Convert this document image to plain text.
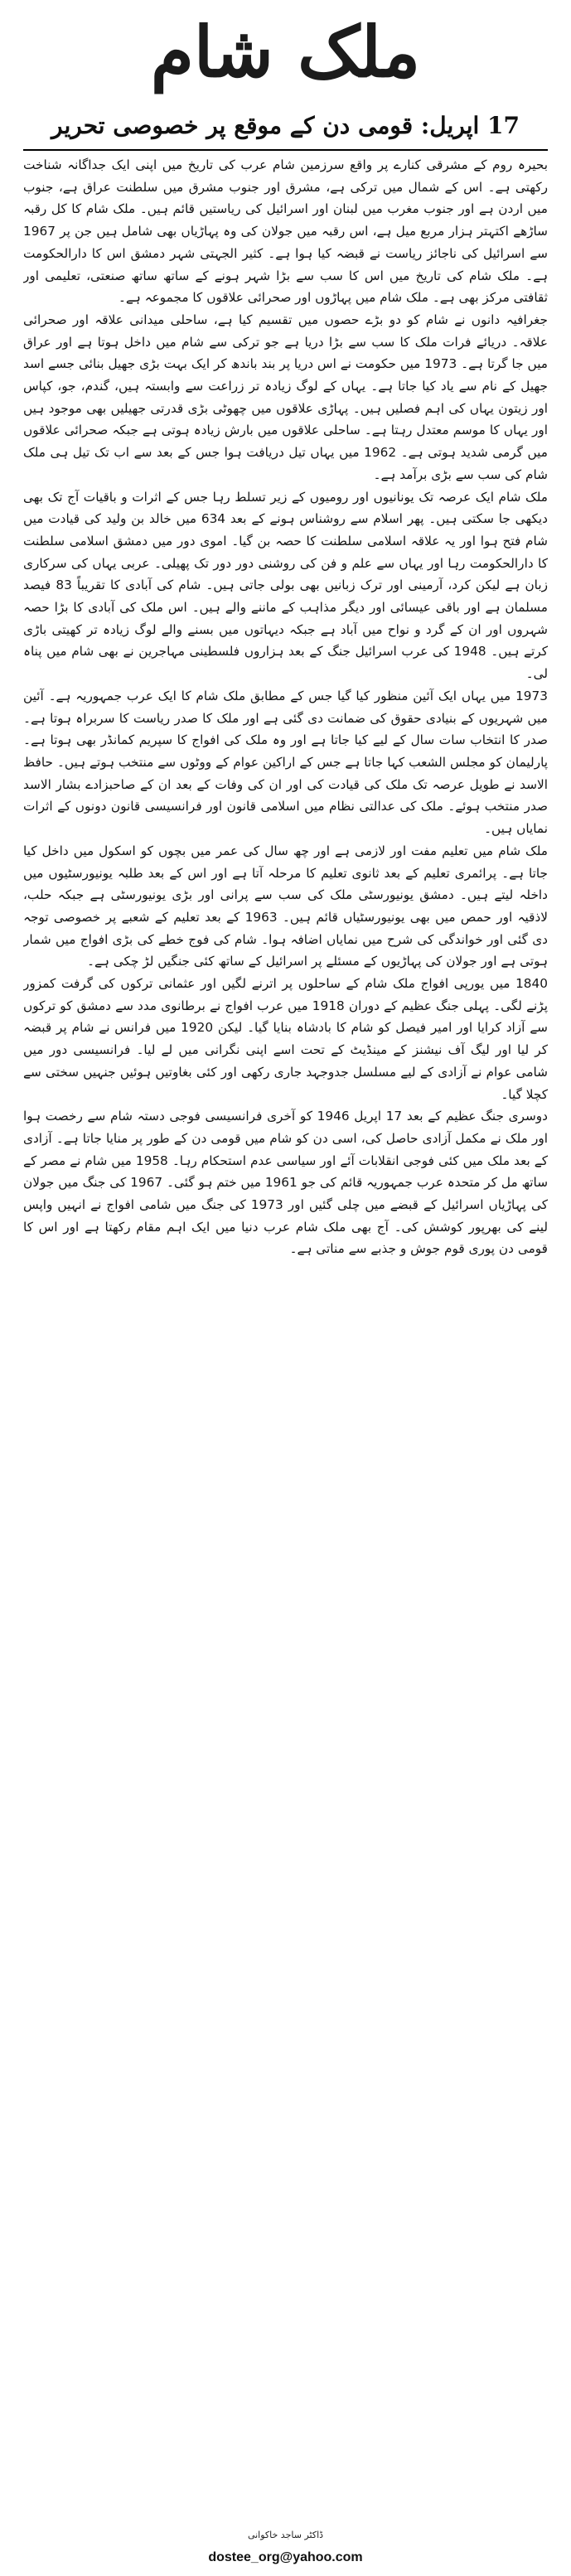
ملک شام
17 اپریل: قومی دن کے موقع پر خصوصی تحریر

بحیرہ روم کے مشرقی کنارے پر واقع سرزمین شام عرب کی تاریخ میں اپنی ایک جداگانہ شناخت رکھتی ہے۔ اس کے شمال میں ترکی ہے، مشرق اور جنوب مشرق میں سلطنت عراق ہے، جنوب میں اردن ہے اور جنوب مغرب میں لبنان اور اسرائیل کی ریاستیں قائم ہیں۔ ملک شام کا کل رقبہ ساڑھے اکتہتر ہزار مربع میل ہے، اس رقبہ میں جولان کی وہ پہاڑیاں بھی شامل ہیں جن پر 1967 سے اسرائیل کی ناجائز ریاست نے قبضہ کیا ہوا ہے۔ کثیر الجہتی شہر دمشق اس کا دارالحکومت ہے۔ ملک شام کی تاریخ میں اس کا سب سے بڑا شہر ہونے کے ساتھ ساتھ صنعتی، تعلیمی اور ثقافتی مرکز بھی ہے۔ ملک شام میں پہاڑوں اور صحرائی علاقوں کا مجموعہ ہے۔

جغرافیہ دانوں نے شام کو دو بڑے حصوں میں تقسیم کیا ہے، ساحلی میدانی علاقہ اور صحرائی علاقہ۔ دریائے فرات ملک کا سب سے بڑا دریا ہے جو ترکی سے شام میں داخل ہوتا ہے اور عراق میں جا گرتا ہے۔ 1973 میں حکومت نے اس دریا پر بند باندھ کر ایک بہت بڑی جھیل بنائی جسے اسد جھیل کے نام سے یاد کیا جاتا ہے۔ یہاں کے لوگ زیادہ تر زراعت سے وابستہ ہیں، گندم، جو، کپاس اور زیتون یہاں کی اہم فصلیں ہیں۔ پہاڑی علاقوں میں چھوٹی بڑی قدرتی جھیلیں بھی موجود ہیں اور یہاں کا موسم معتدل رہتا ہے۔ ساحلی علاقوں میں بارش زیادہ ہوتی ہے جبکہ صحرائی علاقوں میں گرمی شدید ہوتی ہے۔ 1962 میں یہاں تیل دریافت ہوا جس کے بعد سے اب تک تیل ہی ملک شام کی سب سے بڑی برآمد ہے۔

ملک شام ایک عرصہ تک یونانیوں اور رومیوں کے زیر تسلط رہا جس کے اثرات و باقیات آج تک بھی دیکھی جا سکتی ہیں۔ پھر اسلام سے روشناس ہونے کے بعد 634 میں خالد بن ولید کی قیادت میں شام فتح ہوا اور یہ علاقہ اسلامی سلطنت کا حصہ بن گیا۔ اموی دور میں دمشق اسلامی سلطنت کا دارالحکومت رہا اور یہاں سے علم و فن کی روشنی دور دور تک پھیلی۔ عربی یہاں کی سرکاری زبان ہے لیکن کرد، آرمینی اور ترک زبانیں بھی بولی جاتی ہیں۔ شام کی آبادی کا تقریباً 83 فیصد مسلمان ہے اور باقی عیسائی اور دیگر مذاہب کے ماننے والے ہیں۔ اس ملک کی آبادی کا بڑا حصہ شہروں اور ان کے گرد و نواح میں آباد ہے جبکہ دیہاتوں میں بسنے والے لوگ زیادہ تر کھیتی باڑی کرتے ہیں۔ 1948 کی عرب اسرائیل جنگ کے بعد ہزاروں فلسطینی مہاجرین نے بھی شام میں پناہ لی۔

1973 میں یہاں ایک آئین منظور کیا گیا جس کے مطابق ملک شام کا ایک عرب جمہوریہ ہے۔ آئین میں شہریوں کے بنیادی حقوق کی ضمانت دی گئی ہے اور ملک کا صدر ریاست کا سربراہ ہوتا ہے۔ صدر کا انتخاب سات سال کے لیے کیا جاتا ہے اور وہ ملک کی افواج کا سپریم کمانڈر بھی ہوتا ہے۔ پارلیمان کو مجلس الشعب کہا جاتا ہے جس کے اراکین عوام کے ووٹوں سے منتخب ہوتے ہیں۔ حافظ الاسد نے طویل عرصہ تک ملک کی قیادت کی اور ان کی وفات کے بعد ان کے صاحبزادے بشار الاسد صدر منتخب ہوئے۔ ملک کی عدالتی نظام میں اسلامی قانون اور فرانسیسی قانون دونوں کے اثرات نمایاں ہیں۔

ملک شام میں تعلیم مفت اور لازمی ہے اور چھ سال کی عمر میں بچوں کو اسکول میں داخل کیا جاتا ہے۔ پرائمری تعلیم کے بعد ثانوی تعلیم کا مرحلہ آتا ہے اور اس کے بعد طلبہ یونیورسٹیوں میں داخلہ لیتے ہیں۔ دمشق یونیورسٹی ملک کی سب سے پرانی اور بڑی یونیورسٹی ہے جبکہ حلب، لاذقیہ اور حمص میں بھی یونیورسٹیاں قائم ہیں۔ 1963 کے بعد تعلیم کے شعبے پر خصوصی توجہ دی گئی اور خواندگی کی شرح میں نمایاں اضافہ ہوا۔ شام کی فوج خطے کی بڑی افواج میں شمار ہوتی ہے اور جولان کی پہاڑیوں کے مسئلے پر اسرائیل کے ساتھ کئی جنگیں لڑ چکی ہے۔

1840 میں یورپی افواج ملک شام کے ساحلوں پر اترنے لگیں اور عثمانی ترکوں کی گرفت کمزور پڑنے لگی۔ پہلی جنگ عظیم کے دوران 1918 میں عرب افواج نے برطانوی مدد سے دمشق کو ترکوں سے آزاد کرایا اور امیر فیصل کو شام کا بادشاہ بنایا گیا۔ لیکن 1920 میں فرانس نے شام پر قبضہ کر لیا اور لیگ آف نیشنز کے مینڈیٹ کے تحت اسے اپنی نگرانی میں لے لیا۔ فرانسیسی دور میں شامی عوام نے آزادی کے لیے مسلسل جدوجہد جاری رکھی اور کئی بغاوتیں ہوئیں جنہیں سختی سے کچلا گیا۔

دوسری جنگ عظیم کے بعد 17 اپریل 1946 کو آخری فرانسیسی فوجی دستہ شام سے رخصت ہوا اور ملک نے مکمل آزادی حاصل کی، اسی دن کو شام میں قومی دن کے طور پر منایا جاتا ہے۔ آزادی کے بعد ملک میں کئی فوجی انقلابات آئے اور سیاسی عدم استحکام رہا۔ 1958 میں شام نے مصر کے ساتھ مل کر متحدہ عرب جمہوریہ قائم کی جو 1961 میں ختم ہو گئی۔ 1967 کی جنگ میں جولان کی پہاڑیاں اسرائیل کے قبضے میں چلی گئیں اور 1973 کی جنگ میں شامی افواج نے انہیں واپس لینے کی بھرپور کوشش کی۔ آج بھی ملک شام عرب دنیا میں ایک اہم مقام رکھتا ہے اور اس کا قومی دن پوری قوم جوش و جذبے سے مناتی ہے۔

ڈاکٹر ساجد خاکوانی
dostee_org@yahoo.com
